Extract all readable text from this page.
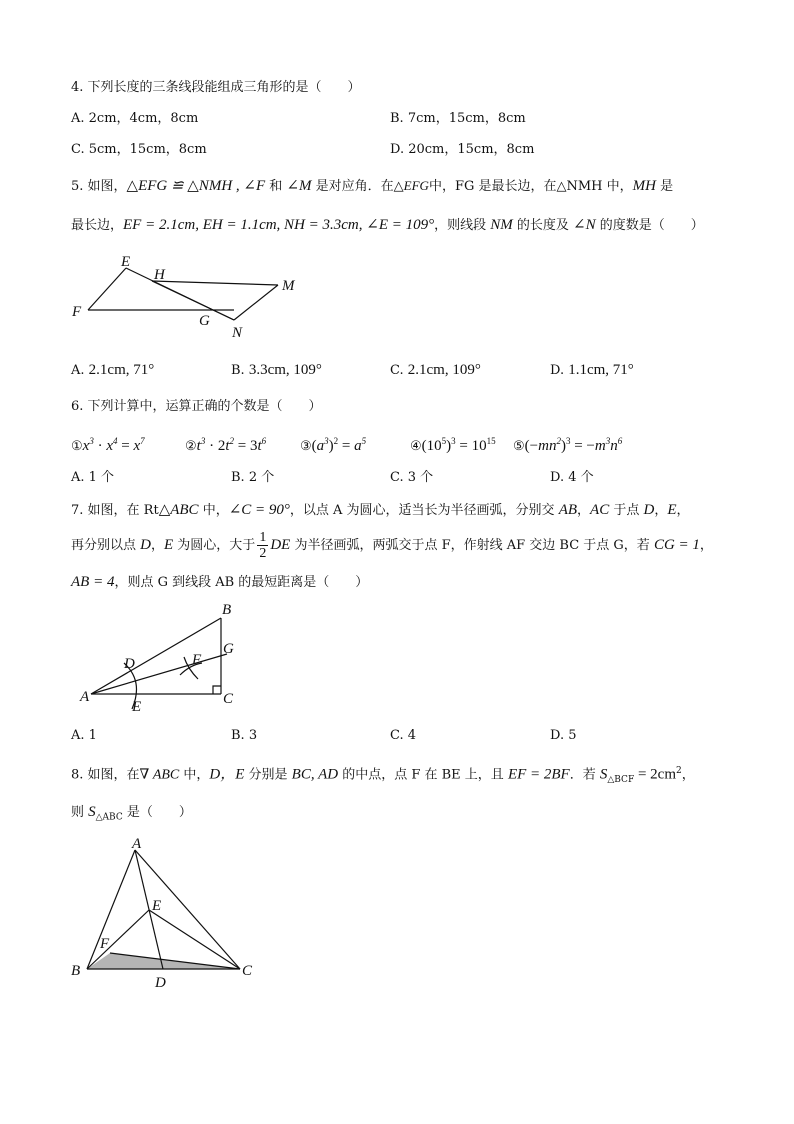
4. 下列长度的三条线段能组成三角形的是（　　）
A. 2cm，4cm，8cm	B. 7cm，15cm，8cm
C. 5cm，15cm，8cm	D. 20cm，15cm，8cm
5. 如图，△EFG ≌ △NMH , ∠F 和 ∠M 是对应角．在△EFG中，FG 是最长边，在△NMH 中，MH 是
最长边，EF = 2.1cm, EH = 1.1cm, NH = 3.3cm, ∠E = 109°，则线段 NM 的长度及 ∠N 的度数是（　　）
E
H
M
F
G
N
A. 2.1cm, 71°	B. 3.3cm, 109°	C. 2.1cm, 109°	D. 1.1cm, 71°
6. 下列计算中，运算正确的个数是（　　）
$①x^3 \cdot x^4 = x^7$	$②t^3 \cdot 2t^2 = 3t^6$	$③(a^3)^2 = a^5$	$④(10^5)^3 = 10^{15}$ $⑤(-mn^2)^3 = -m^3n^6$
A. 1 个	B. 2 个	C. 3 个	D. 4 个
7. 如图，在 Rt△ABC 中，∠C = 90°，以点 A 为圆心，适当长为半径画弧，分别交 AB，AC 于点 D，E，
再分别以点 D，E 为圆心，大于 $\frac{1}{2}$ DE 为半径画弧，两弧交于点 F，作射线 AF 交边 BC 于点 G，若 CG = 1，
AB = 4，则点 G 到线段 AB 的最短距离是（　　）
B
G
D	F
A	C
E
A. 1	B. 3	C. 4	D. 5
8. 如图，在∇ ABC 中，D，E 分别是 BC, AD 的中点，点 F 在 BE 上，且 EF = 2BF．若 $S_{\triangle BCF} = 2cm^2$，
则 $S_{\triangle ABC}$ 是（　　）
A
E
F
B
D
C
